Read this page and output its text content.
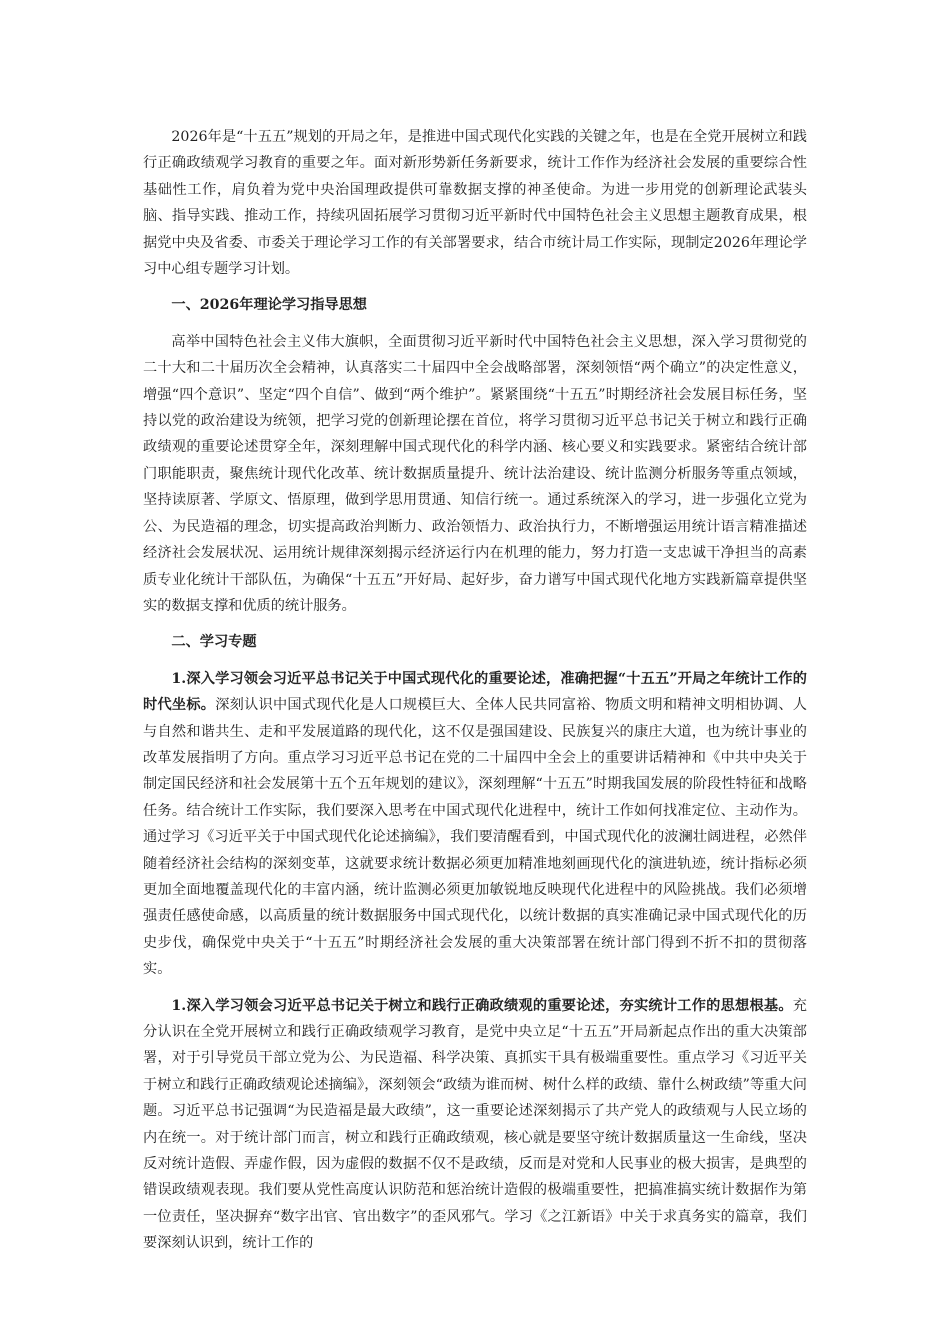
2026年是“十五五”规划的开局之年，是推进中国式现代化实践的关键之年，也是在全党开展树立和践行正确政绩观学习教育的重要之年。面对新形势新任务新要求，统计工作作为经济社会发展的重要综合性基础性工作，肩负着为党中央治国理政提供可靠数据支撑的神圣使命。为进一步用党的创新理论武装头脑、指导实践、推动工作，持续巩固拓展学习贯彻习近平新时代中国特色社会主义思想主题教育成果，根据党中央及省委、市委关于理论学习工作的有关部署要求，结合市统计局工作实际，现制定2026年理论学习中心组专题学习计划。

一、2026年理论学习指导思想

高举中国特色社会主义伟大旗帜，全面贯彻习近平新时代中国特色社会主义思想，深入学习贯彻党的二十大和二十届历次全会精神，认真落实二十届四中全会战略部署，深刻领悟“两个确立”的决定性意义，增强“四个意识”、坚定“四个自信”、做到“两个维护”。紧紧围绕“十五五”时期经济社会发展目标任务，坚持以党的政治建设为统领，把学习党的创新理论摆在首位，将学习贯彻习近平总书记关于树立和践行正确政绩观的重要论述贯穿全年，深刻理解中国式现代化的科学内涵、核心要义和实践要求。紧密结合统计部门职能职责，聚焦统计现代化改革、统计数据质量提升、统计法治建设、统计监测分析服务等重点领域，坚持读原著、学原文、悟原理，做到学思用贯通、知信行统一。通过系统深入的学习，进一步强化立党为公、为民造福的理念，切实提高政治判断力、政治领悟力、政治执行力，不断增强运用统计语言精准描述经济社会发展状况、运用统计规律深刻揭示经济运行内在机理的能力，努力打造一支忠诚干净担当的高素质专业化统计干部队伍，为确保“十五五”开好局、起好步，奋力谱写中国式现代化地方实践新篇章提供坚实的数据支撑和优质的统计服务。

二、学习专题

1.深入学习领会习近平总书记关于中国式现代化的重要论述，准确把握“十五五”开局之年统计工作的时代坐标。深刻认识中国式现代化是人口规模巨大、全体人民共同富裕、物质文明和精神文明相协调、人与自然和谐共生、走和平发展道路的现代化，这不仅是强国建设、民族复兴的康庄大道，也为统计事业的改革发展指明了方向。重点学习习近平总书记在党的二十届四中全会上的重要讲话精神和《中共中央关于制定国民经济和社会发展第十五个五年规划的建议》，深刻理解“十五五”时期我国发展的阶段性特征和战略任务。结合统计工作实际，我们要深入思考在中国式现代化进程中，统计工作如何找准定位、主动作为。通过学习《习近平关于中国式现代化论述摘编》，我们要清醒看到，中国式现代化的波澜壮阔进程，必然伴随着经济社会结构的深刻变革，这就要求统计数据必须更加精准地刻画现代化的演进轨迹，统计指标必须更加全面地覆盖现代化的丰富内涵，统计监测必须更加敏锐地反映现代化进程中的风险挑战。我们必须增强责任感使命感，以高质量的统计数据服务中国式现代化，以统计数据的真实准确记录中国式现代化的历史步伐，确保党中央关于“十五五”时期经济社会发展的重大决策部署在统计部门得到不折不扣的贯彻落实。

1.深入学习领会习近平总书记关于树立和践行正确政绩观的重要论述，夯实统计工作的思想根基。充分认识在全党开展树立和践行正确政绩观学习教育，是党中央立足“十五五”开局新起点作出的重大决策部署，对于引导党员干部立党为公、为民造福、科学决策、真抓实干具有极端重要性。重点学习《习近平关于树立和践行正确政绩观论述摘编》，深刻领会“政绩为谁而树、树什么样的政绩、靠什么树政绩”等重大问题。习近平总书记强调“为民造福是最大政绩”，这一重要论述深刻揭示了共产党人的政绩观与人民立场的内在统一。对于统计部门而言，树立和践行正确政绩观，核心就是要坚守统计数据质量这一生命线，坚决反对统计造假、弄虚作假，因为虚假的数据不仅不是政绩，反而是对党和人民事业的极大损害，是典型的错误政绩观表现。我们要从党性高度认识防范和惩治统计造假的极端重要性，把搞准搞实统计数据作为第一位责任，坚决摒弃“数字出官、官出数字”的歪风邪气。学习《之江新语》中关于求真务实的篇章，我们要深刻认识到，统计工作的
